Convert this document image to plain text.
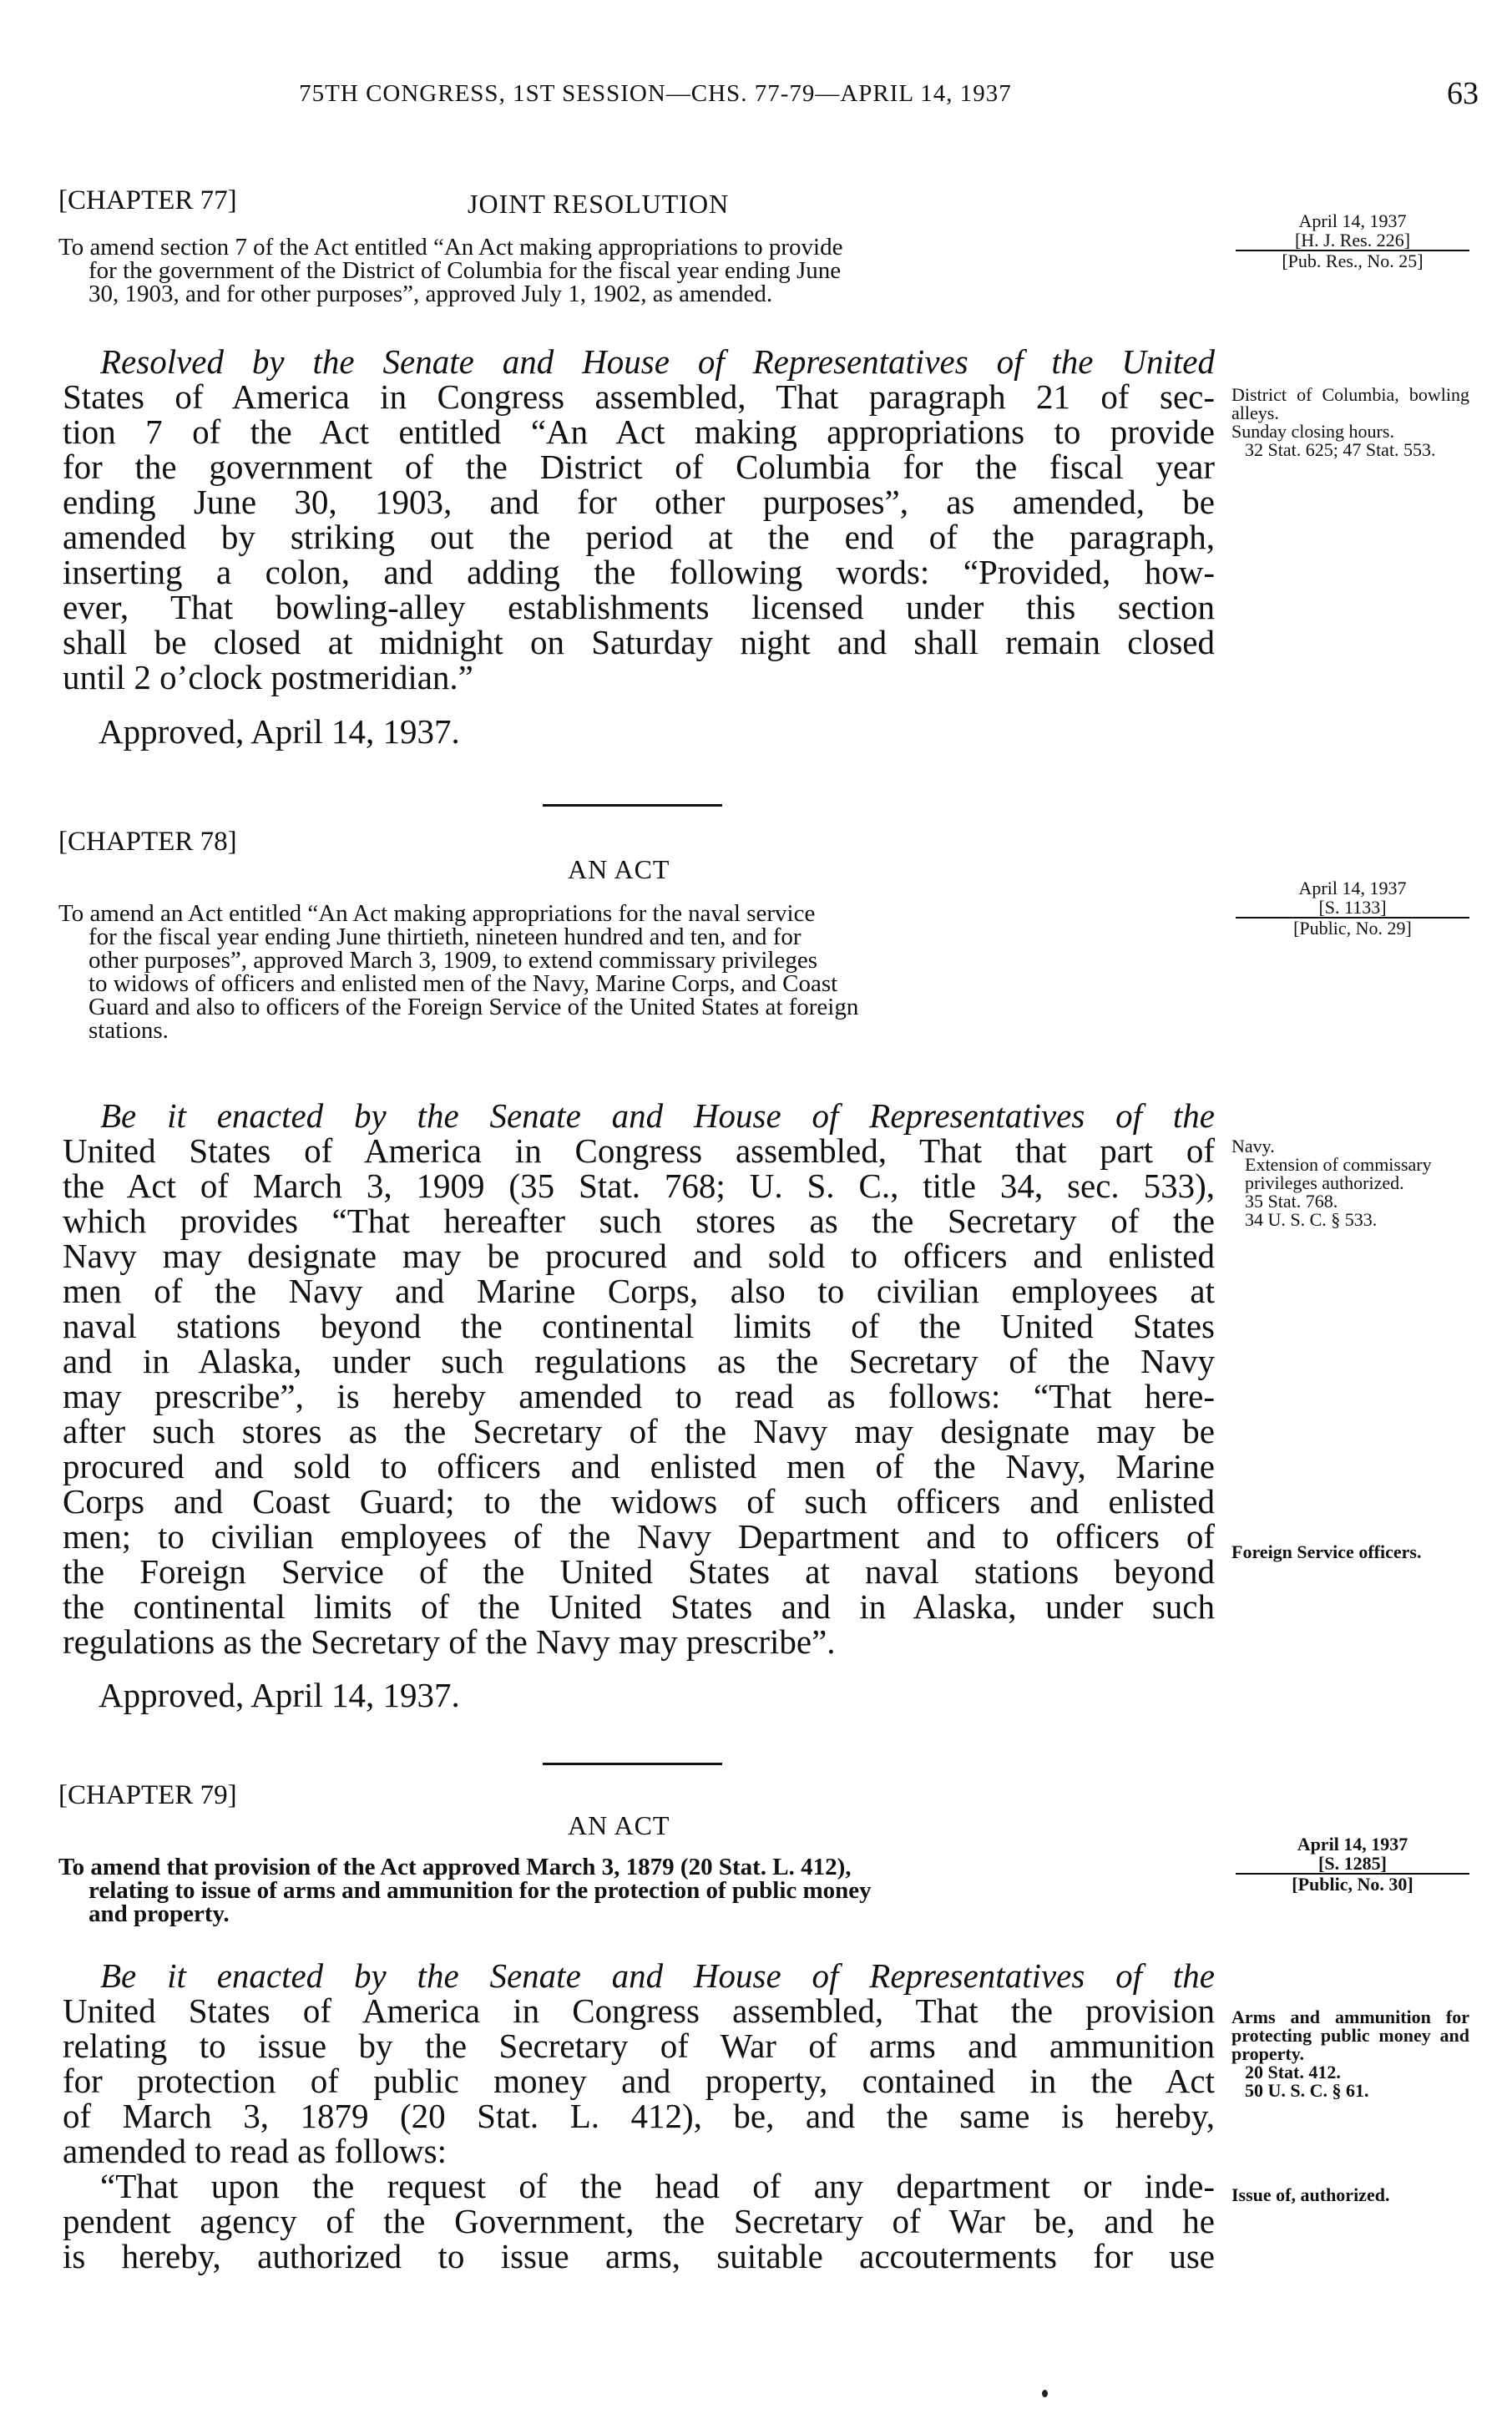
75TH CONGRESS, 1ST SESSION—CHS. 77-79—APRIL 14, 1937	63
[CHAPTER 77]	JOINT RESOLUTION
April 14, 1937

[H. J. Res. 226]
[Pub. Res., No. 25]
To amend section 7 of the Act entitled “An Act making appropriations to provide
for the government of the District of Columbia for the fiscal year ending June
30, 1903, and for other purposes”, approved July 1, 1902, as amended.
Resolved by the Senate and House of Representatives of the United
States of America in Congress assembled, That paragraph 21 of sec-
tion 7 of the Act entitled “An Act making appropriations to provide
for the government of the District of Columbia for the fiscal year
ending June 30, 1903, and for other purposes”, as amended, be
amended by striking out the period at the end of the paragraph,
inserting a colon, and adding the following words: “Provided, how-
ever, That bowling-alley establishments licensed under this section
shall be closed at midnight on Saturday night and shall remain closed
until 2 o’clock postmeridian.”
Approved, April 14, 1937.
District of Columbia, bowling alleys.
Sunday closing hours.
32 Stat. 625; 47 Stat. 553.
[CHAPTER 78]
AN ACT
April 14, 1937

[S. 1133]
[Public, No. 29]
To amend an Act entitled “An Act making appropriations for the naval service
for the fiscal year ending June thirtieth, nineteen hundred and ten, and for
other purposes”, approved March 3, 1909, to extend commissary privileges
to widows of officers and enlisted men of the Navy, Marine Corps, and Coast
Guard and also to officers of the Foreign Service of the United States at foreign
stations.
Be it enacted by the Senate and House of Representatives of the
United States of America in Congress assembled, That that part of
the Act of March 3, 1909 (35 Stat. 768; U. S. C., title 34, sec. 533),
which provides “That hereafter such stores as the Secretary of the
Navy may designate may be procured and sold to officers and enlisted
men of the Navy and Marine Corps, also to civilian employees at
naval stations beyond the continental limits of the United States
and in Alaska, under such regulations as the Secretary of the Navy
may prescribe”, is hereby amended to read as follows: “That here-
after such stores as the Secretary of the Navy may designate may be
procured and sold to officers and enlisted men of the Navy, Marine
Corps and Coast Guard; to the widows of such officers and enlisted
men; to civilian employees of the Navy Department and to officers of
the Foreign Service of the United States at naval stations beyond
the continental limits of the United States and in Alaska, under such
regulations as the Secretary of the Navy may prescribe”.
Approved, April 14, 1937.
Navy.
Extension of commissary privileges authorized.
35 Stat. 768.
34 U. S. C. § 533.
Foreign Service officers.
[CHAPTER 79]
AN ACT
April 14, 1937

[S. 1285]
[Public, No. 30]
To amend that provision of the Act approved March 3, 1879 (20 Stat. L. 412),
relating to issue of arms and ammunition for the protection of public money
and property.
Be it enacted by the Senate and House of Representatives of the
United States of America in Congress assembled, That the provision
relating to issue by the Secretary of War of arms and ammunition
for protection of public money and property, contained in the Act
of March 3, 1879 (20 Stat. L. 412), be, and the same is hereby,
amended to read as follows:
“That upon the request of the head of any department or inde-
pendent agency of the Government, the Secretary of War be, and he
is hereby, authorized to issue arms, suitable accouterments for use
Arms and ammunition for protecting public money and property.
20 Stat. 412.
50 U. S. C. § 61.
Issue of, authorized.
